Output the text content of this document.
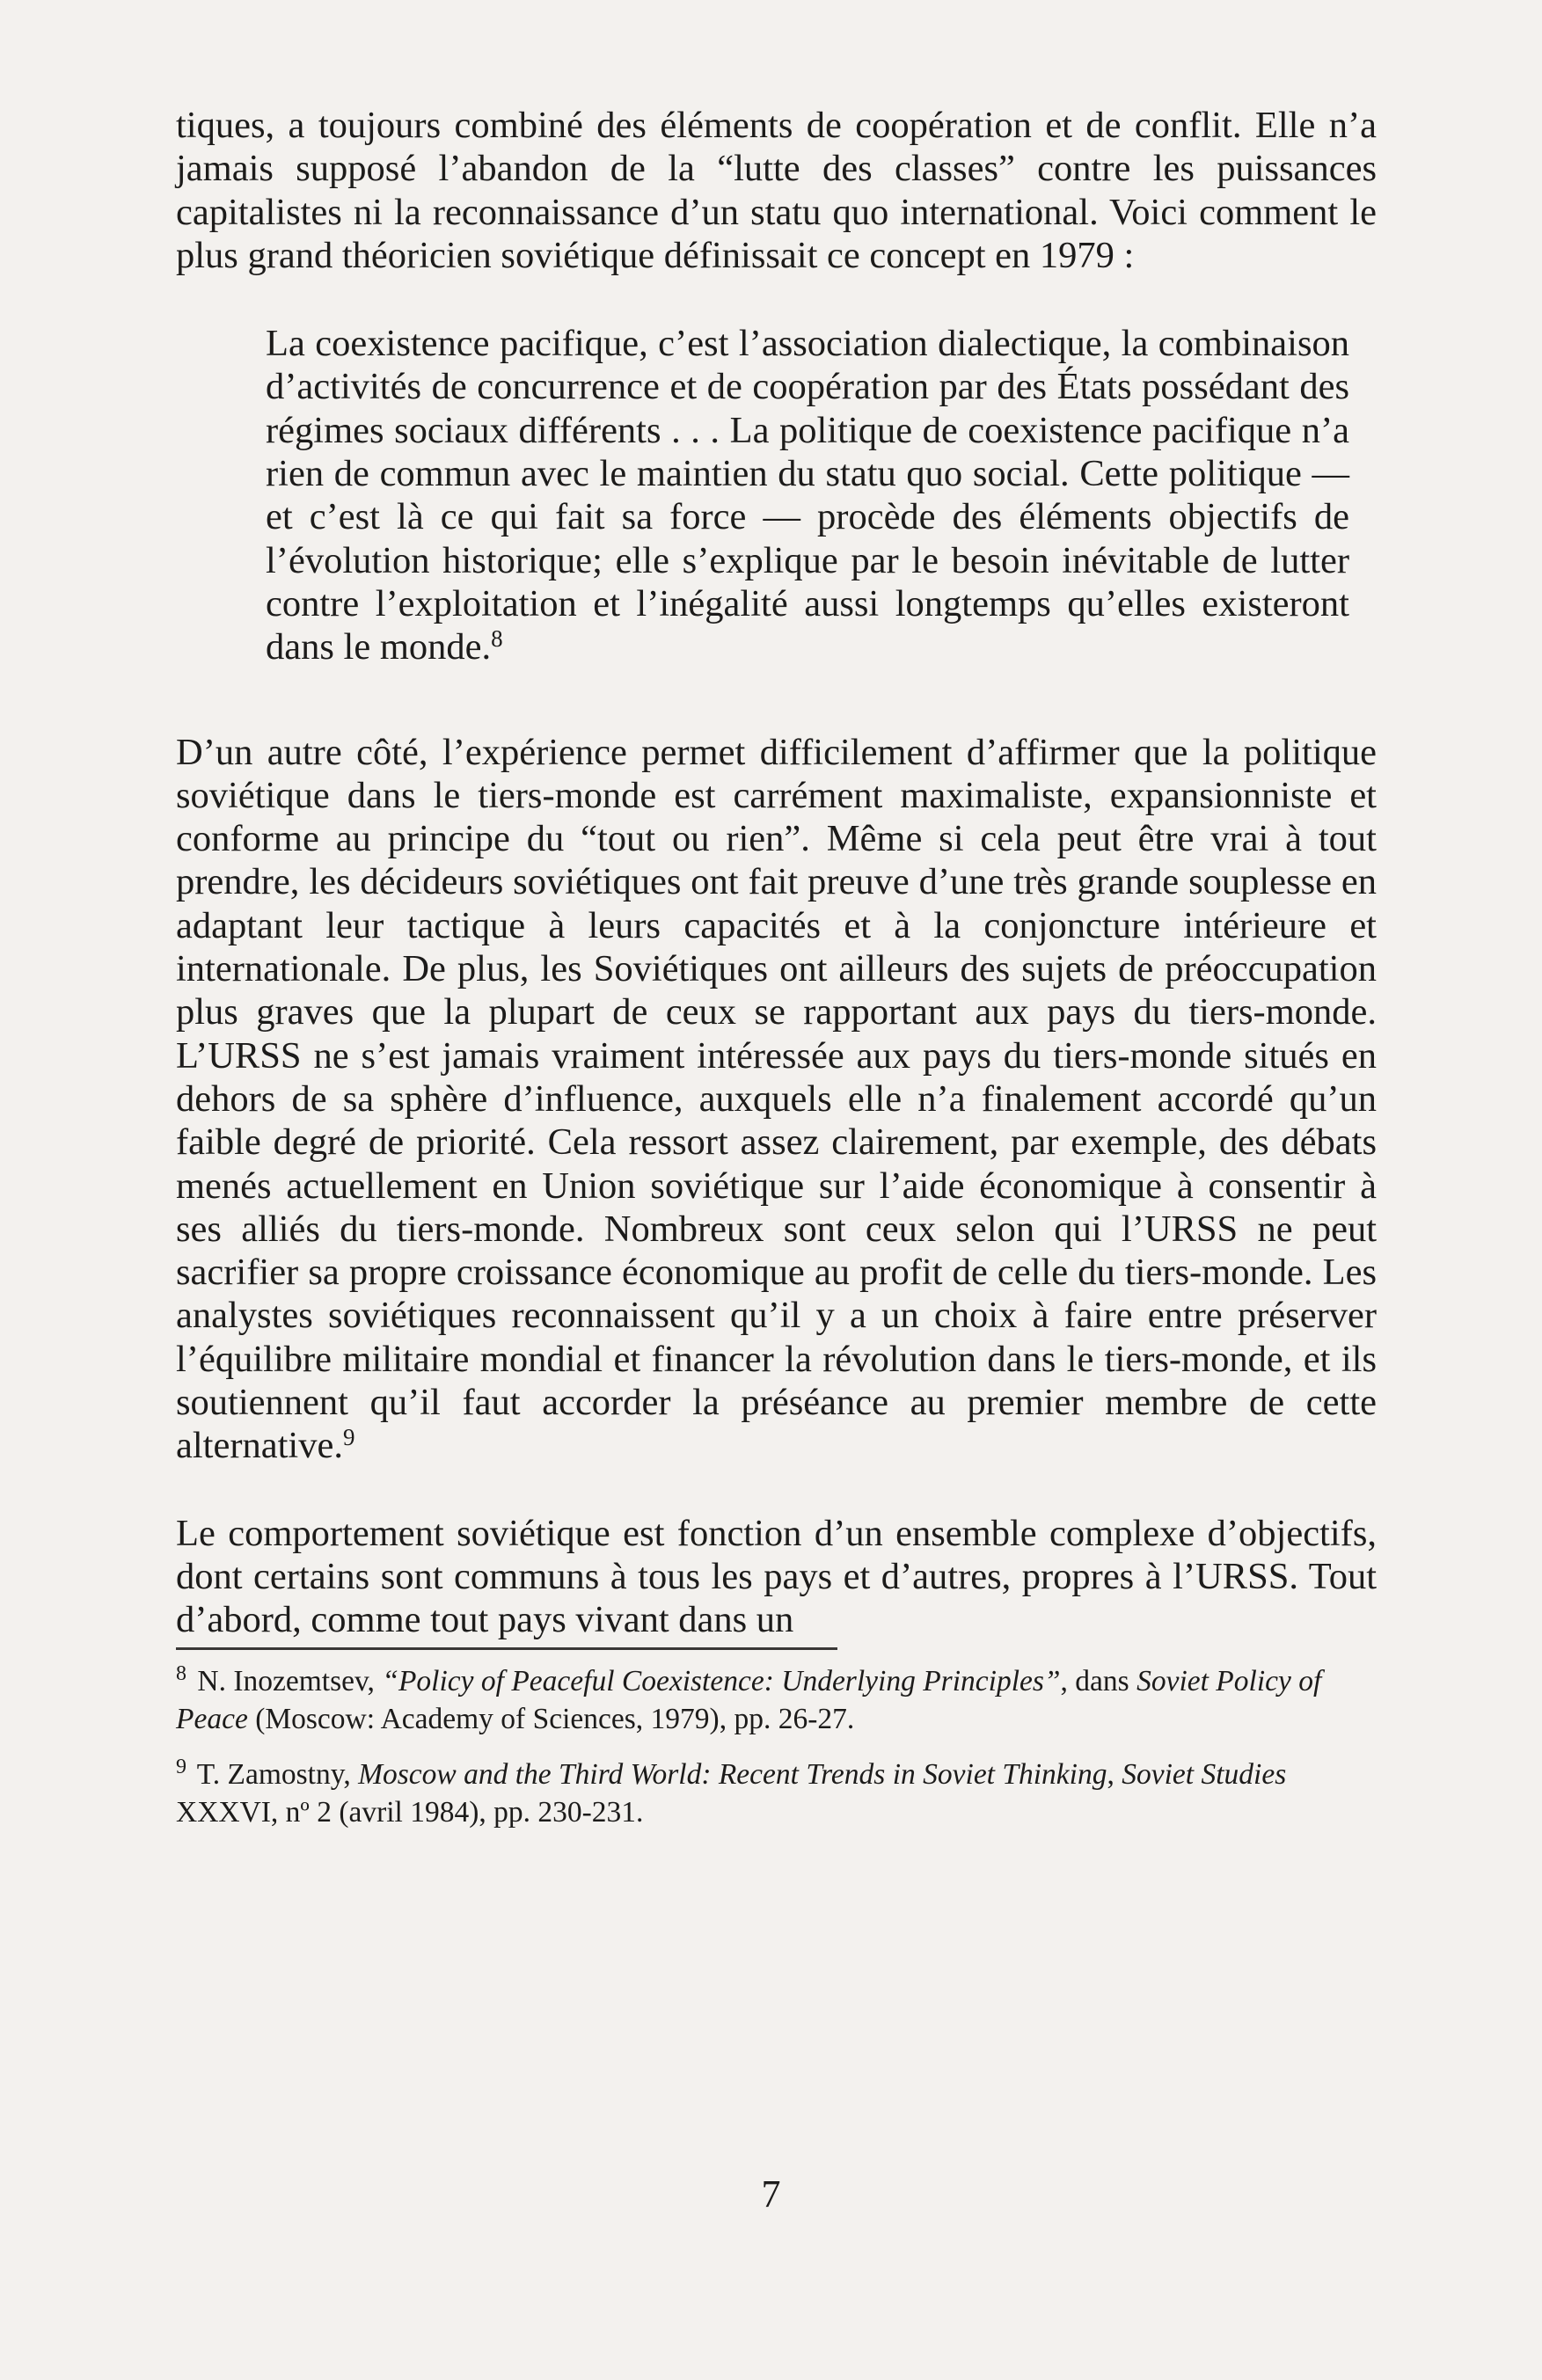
tiques, a toujours combiné des éléments de coopération et de conflit. Elle n’a jamais supposé l’abandon de la “lutte des classes” contre les puissances capitalistes ni la reconnaissance d’un statu quo international. Voici comment le plus grand théoricien soviétique définissait ce concept en 1979 :

La coexistence pacifique, c’est l’association dialectique, la combinaison d’activités de concurrence et de coopération par des États possédant des régimes sociaux différents . . . La politique de coexistence pacifique n’a rien de commun avec le maintien du statu quo social. Cette politique — et c’est là ce qui fait sa force — procède des éléments objectifs de l’évolution historique; elle s’explique par le besoin inévitable de lutter contre l’exploitation et l’inégalité aussi longtemps qu’elles existeront dans le monde.$^8$

D’un autre côté, l’expérience permet difficilement d’affirmer que la politique soviétique dans le tiers-monde est carrément maximaliste, expansionniste et conforme au principe du “tout ou rien”. Même si cela peut être vrai à tout prendre, les décideurs soviétiques ont fait preuve d’une très grande souplesse en adaptant leur tactique à leurs capacités et à la conjoncture intérieure et internationale. De plus, les Soviétiques ont ailleurs des sujets de préoccupation plus graves que la plupart de ceux se rapportant aux pays du tiers-monde. L’URSS ne s’est jamais vraiment intéressée aux pays du tiers-monde situés en dehors de sa sphère d’influence, auxquels elle n’a finalement accordé qu’un faible degré de priorité. Cela ressort assez clairement, par exemple, des débats menés actuellement en Union soviétique sur l’aide économique à consentir à ses alliés du tiers-monde. Nombreux sont ceux selon qui l’URSS ne peut sacrifier sa propre croissance économique au profit de celle du tiers-monde. Les analystes soviétiques reconnaissent qu’il y a un choix à faire entre préserver l’équilibre militaire mondial et financer la révolution dans le tiers-monde, et ils soutiennent qu’il faut accorder la préséance au premier membre de cette alternative.$^9$

Le comportement soviétique est fonction d’un ensemble complexe d’objectifs, dont certains sont communs à tous les pays et d’autres, propres à l’URSS. Tout d’abord, comme tout pays vivant dans un

$^8$ N. Inozemtsev, “Policy of Peaceful Coexistence: Underlying Principles”, dans Soviet Policy of Peace (Moscow: Academy of Sciences, 1979), pp. 26-27.

$^9$ T. Zamostny, Moscow and the Third World: Recent Trends in Soviet Thinking, Soviet Studies XXXVI, nº 2 (avril 1984), pp. 230-231.

7
